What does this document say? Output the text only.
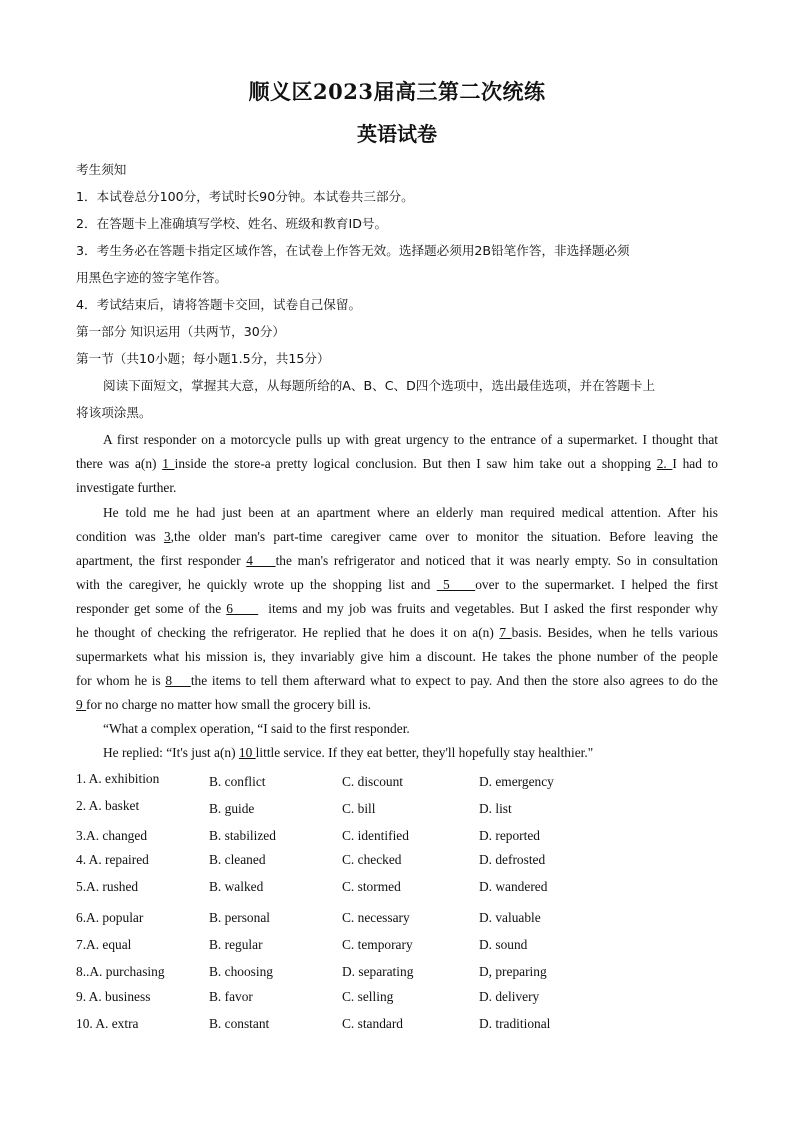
顺义区2023届高三第二次统练
英语试卷
考生须知
1．本试卷总分100分，考试时长90分钟。本试卷共三部分。
2．在答题卡上准确填写学校、姓名、班级和教育ID号。
3．考生务必在答题卡指定区域作答，在试卷上作答无效。选择题必须用2B铅笔作答，非选择题必须
用黑色字迹的签字笔作答。
4．考试结束后，请将答题卡交回，试卷自己保留。
第一部分 知识运用（共两节，30分）
第一节（共10小题；每小题1.5分，共15分）
阅读下面短文，掌握其大意，从每题所给的A、B、C、D四个选项中，选出最佳选项，并在答题卡上
将该项涂黑。
A first responder on a motorcycle pulls up with great urgency to the entrance of a supermarket. I thought that
there was a(n) 1 inside the store-a pretty logical conclusion. But then I saw him take out a shopping 2. I had to
investigate further.
He told me he had just been at an apartment where an elderly man required medical attention. After his
condition was 3,the older man's part-time caregiver came over to monitor the situation. Before leaving the
apartment, the first responder 4    the man's refrigerator and noticed that it was nearly empty. So in consultation
with the caregiver, he quickly wrote up the shopping list and  5    over to the supermarket. I helped the first
responder get some of the 6       items and my job was fruits and vegetables. But I asked the first responder why
he thought of checking the refrigerator. He replied that he does it on a(n) 7 basis. Besides, when he tells various
supermarkets what his mission is, they invariably give him a discount. He takes the phone number of the people
for whom he is 8    the items to tell them afterward what to expect to pay. And then the store also agrees to do the
9 for no charge no matter how small the grocery bill is.
“What a complex operation, “I said to the first responder.
He replied: “It's just a(n) 10 little service. If they eat better, they'll hopefully stay healthier."
1. A. exhibition	B. conflict	C. discount	D. emergency
2. A. basket	B. guide	C. bill	D. list
3.A. changed	B. stabilized	C. identified	D. reported
4. A. repaired	B. cleaned	C. checked	D. defrosted
5.A. rushed	B. walked	C. stormed	D. wandered
6.A. popular	B. personal	C. necessary	D. valuable
7.A. equal	B. regular	C. temporary	D. sound
8..A. purchasing	B. choosing	D. separating	D, preparing
9. A. business	B. favor	C. selling	D. delivery
10. A. extra	B. constant	C. standard	D. traditional
